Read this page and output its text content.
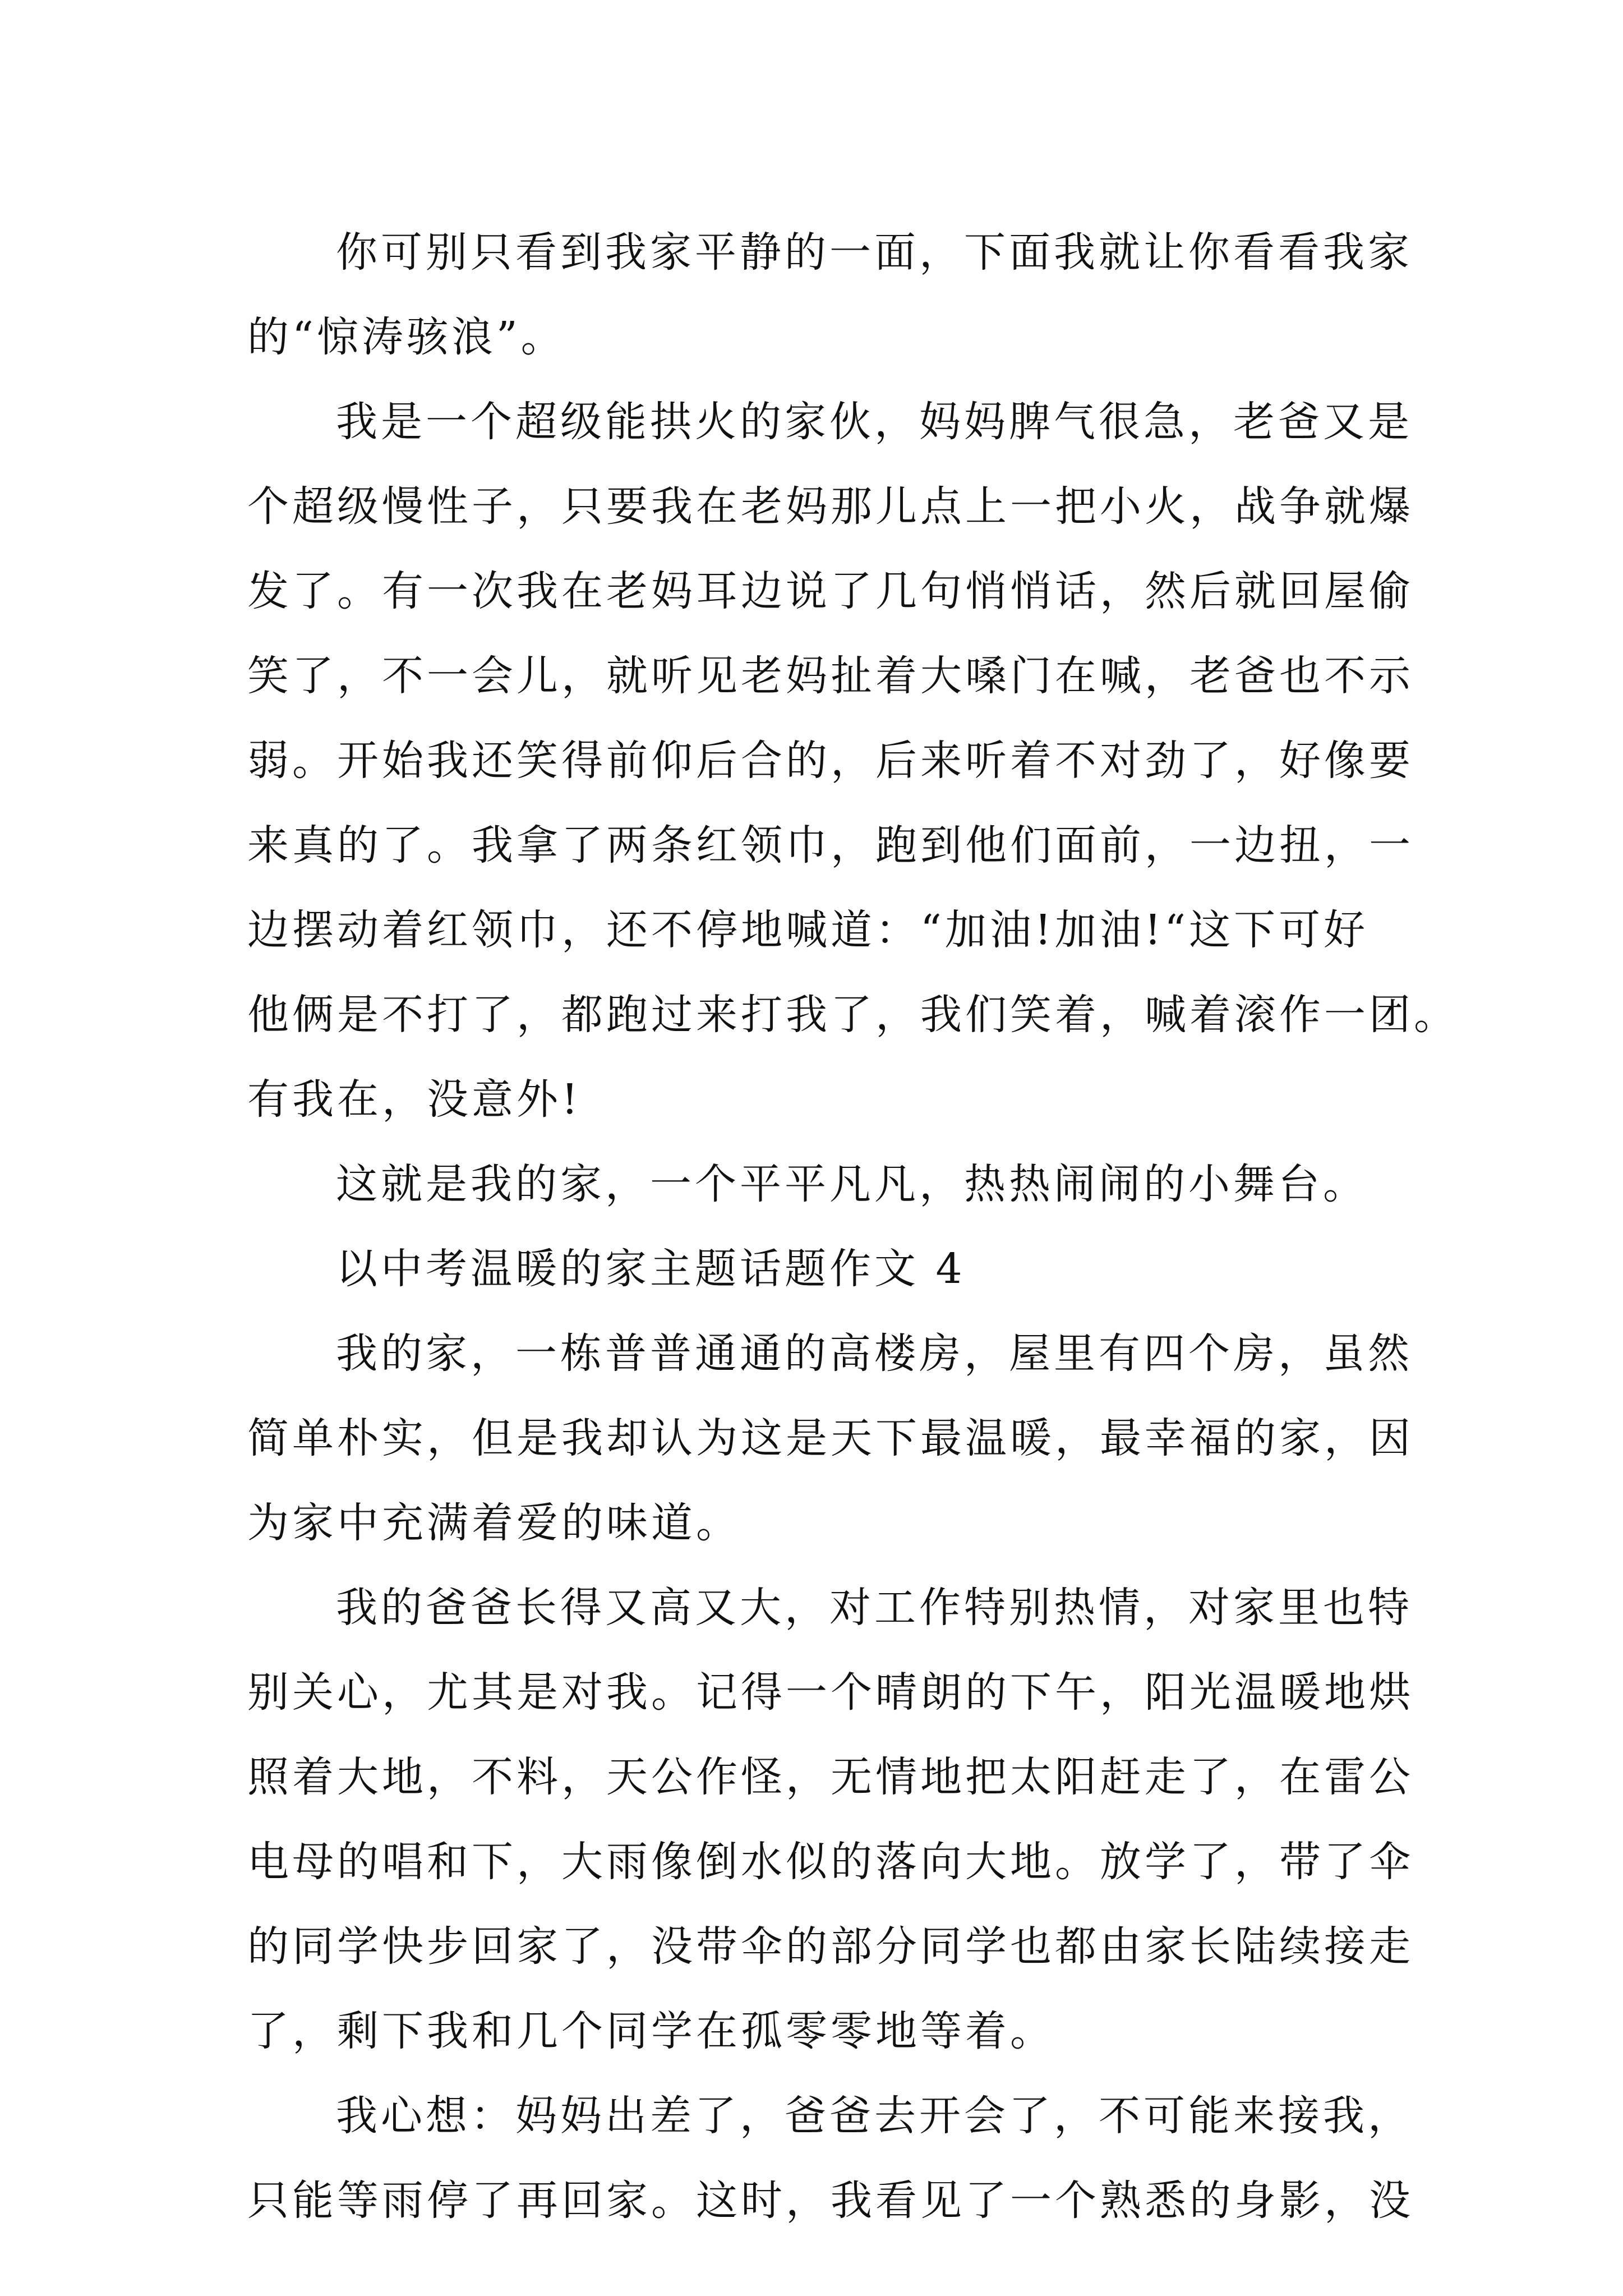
你可别只看到我家平静的一面，下面我就让你看看我家
的“惊涛骇浪”。
我是一个超级能拱火的家伙，妈妈脾气很急，老爸又是
个超级慢性子，只要我在老妈那儿点上一把小火，战争就爆
发了。有一次我在老妈耳边说了几句悄悄话，然后就回屋偷
笑了，不一会儿，就听见老妈扯着大嗓门在喊，老爸也不示
弱。开始我还笑得前仰后合的，后来听着不对劲了，好像要
来真的了。我拿了两条红领巾，跑到他们面前，一边扭，一
边摆动着红领巾，还不停地喊道：“加油!加油!“这下可好
他俩是不打了，都跑过来打我了，我们笑着，喊着滚作一团。
有我在，没意外!
这就是我的家，一个平平凡凡，热热闹闹的小舞台。
以中考温暖的家主题话题作文 4
我的家，一栋普普通通的高楼房，屋里有四个房，虽然
简单朴实，但是我却认为这是天下最温暖，最幸福的家，因
为家中充满着爱的味道。
我的爸爸长得又高又大，对工作特别热情，对家里也特
别关心，尤其是对我。记得一个晴朗的下午，阳光温暖地烘
照着大地，不料，天公作怪，无情地把太阳赶走了，在雷公
电母的唱和下，大雨像倒水似的落向大地。放学了，带了伞
的同学快步回家了，没带伞的部分同学也都由家长陆续接走
了，剩下我和几个同学在孤零零地等着。
我心想：妈妈出差了，爸爸去开会了，不可能来接我，
只能等雨停了再回家。这时，我看见了一个熟悉的身影，没
